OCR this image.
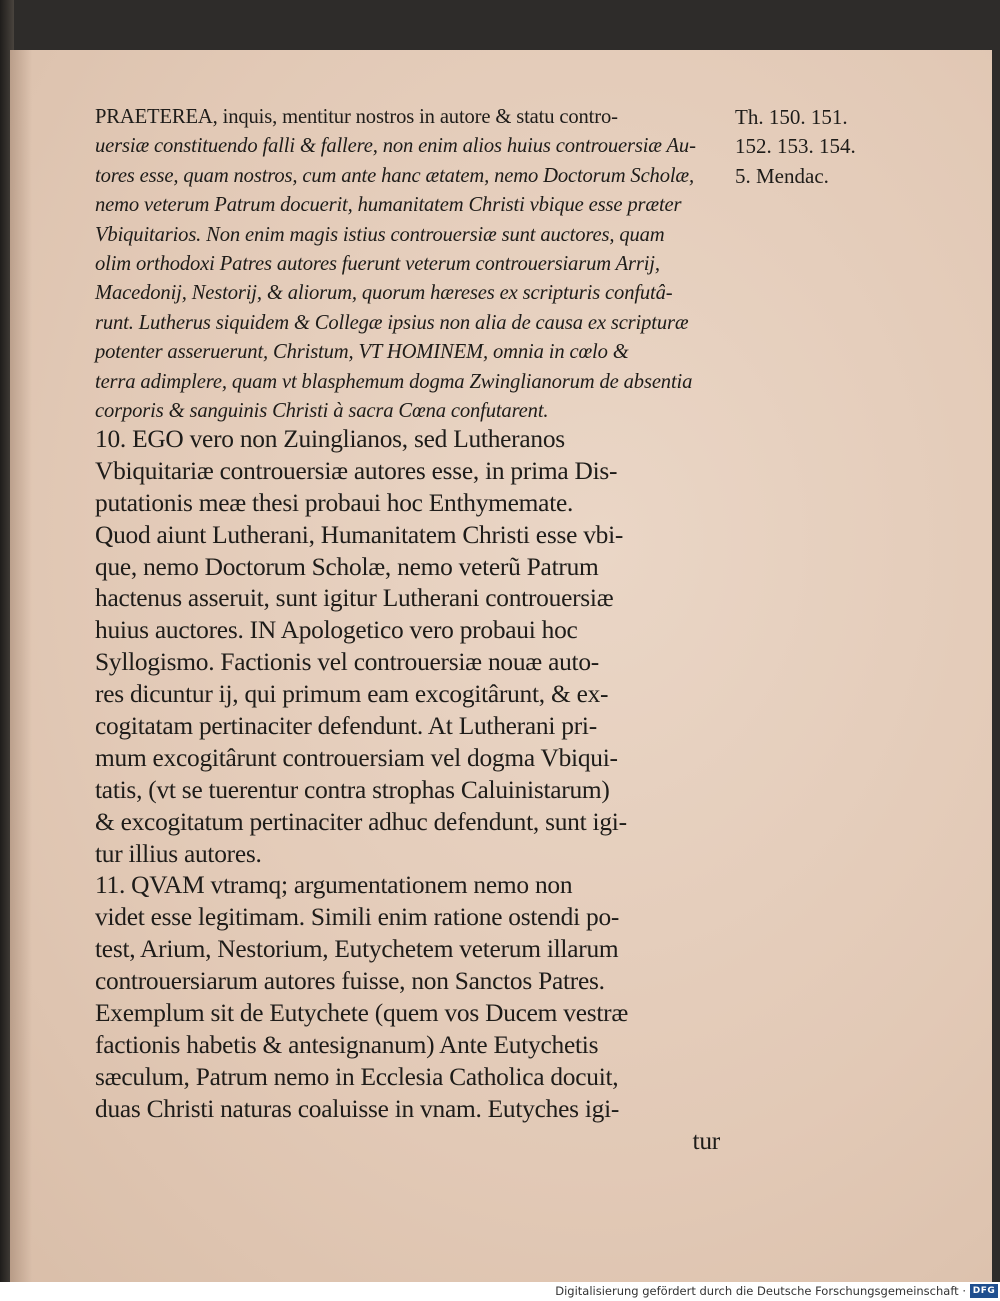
PRAETEREA, inquis, mentitur nostros in autore & statu contro-
uersiæ constituendo falli & fallere, non enim alios huius controuersiæ Au-
tores esse, quam nostros, cum ante hanc ætatem, nemo Doctorum Scholæ,
nemo veterum Patrum docuerit, humanitatem Christi vbique esse præter
Vbiquitarios. Non enim magis istius controuersiæ sunt auctores, quam
olim orthodoxi Patres autores fuerunt veterum controuersiarum Arrij,
Macedonij, Nestorij, & aliorum, quorum hæreses ex scripturis confutâ-
runt. Lutherus siquidem & Collegæ ipsius non alia de causa ex scripturæ
potenter asseruerunt, Christum, VT HOMINEM, omnia in cœlo &
terra adimplere, quam vt blasphemum dogma Zwinglianorum de absentia
corporis & sanguinis Christi à sacra Cœna confutarent.
Th. 150. 151.
152. 153. 154.
5. Mendac.
10. EGO vero non Zuinglianos, sed Lutheranos
Vbiquitariæ controuersiæ autores esse, in prima Dis-
putationis meæ thesi probaui hoc Enthymemate.
Quod aiunt Lutherani, Humanitatem Christi esse vbi-
que, nemo Doctorum Scholæ, nemo veterũ Patrum
hactenus asseruit, sunt igitur Lutherani controuersiæ
huius auctores. IN Apologetico vero probaui hoc
Syllogismo. Factionis vel controuersiæ nouæ auto-
res dicuntur ij, qui primum eam excogitârunt, & ex-
cogitatam pertinaciter defendunt. At Lutherani pri-
mum excogitârunt controuersiam vel dogma Vbiqui-
tatis, (vt se tuerentur contra strophas Caluinistarum)
& excogitatum pertinaciter adhuc defendunt, sunt igi-
tur illius autores.
11. QVAM vtramq; argumentationem nemo non
videt esse legitimam. Simili enim ratione ostendi po-
test, Arium, Nestorium, Eutychetem veterum illarum
controuersiarum autores fuisse, non Sanctos Patres.
Exemplum sit de Eutychete (quem vos Ducem vestræ
factionis habetis & antesignanum) Ante Eutychetis
sæculum, Patrum nemo in Ecclesia Catholica docuit,
duas Christi naturas coaluisse in vnam. Eutyches igi-
tur
Digitalisierung gefördert durch die Deutsche Forschungsgemeinschaft · DFG
